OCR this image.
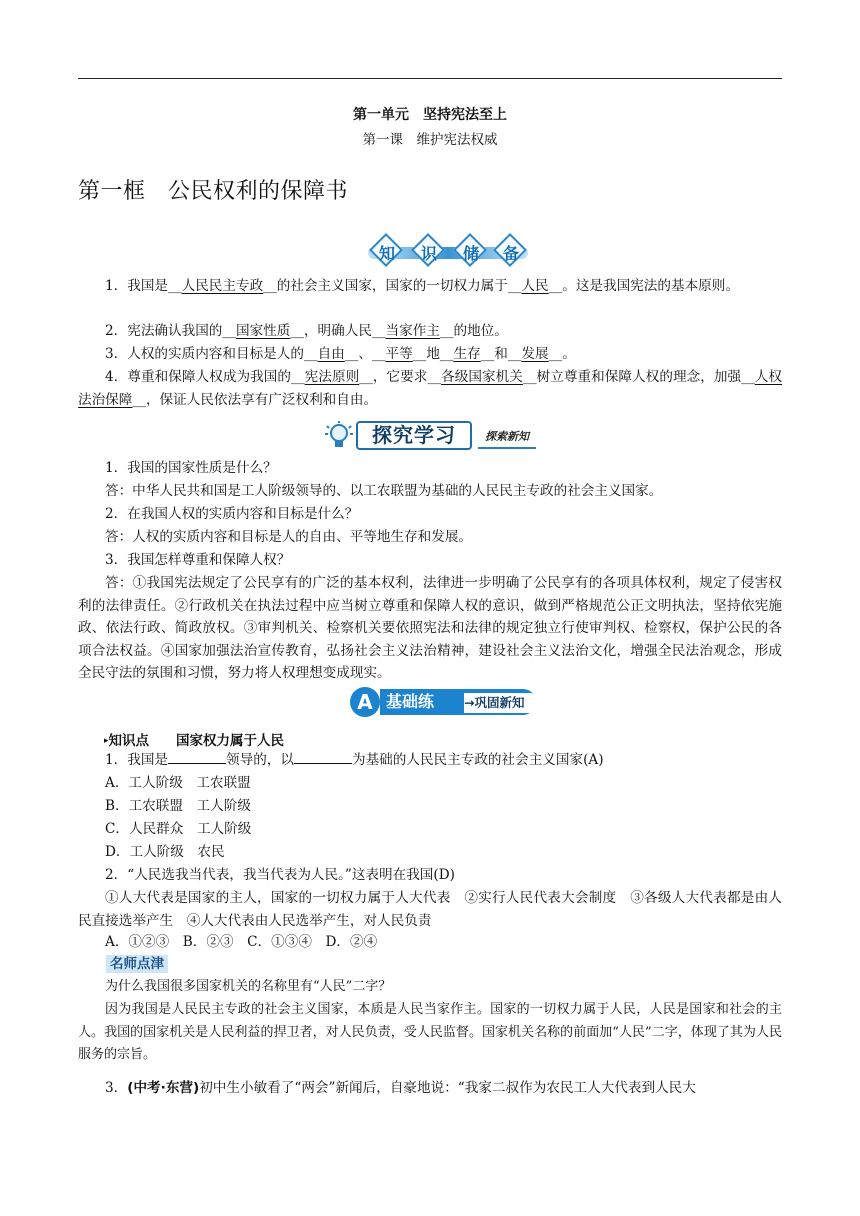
第一单元　坚持宪法至上
第一课　维护宪法权威
第一框　公民权利的保障书
知	识	储	备

1．我国是__人民民主专政__的社会主义国家，国家的一切权力属于__人民__。这是我国宪法的基本原则。

2．宪法确认我国的__国家性质__，明确人民__当家作主__的地位。

3．人权的实质内容和目标是人的__自由__、__平等__地__生存__和__发展__。

4．尊重和保障人权成为我国的__宪法原则__，它要求__各级国家机关__树立尊重和保障人权的理念，加强__人权法治保障__，保证人民依法享有广泛权利和自由。

探究学习	探索新知

1．我国的国家性质是什么？

答：中华人民共和国是工人阶级领导的、以工农联盟为基础的人民民主专政的社会主义国家。

2．在我国人权的实质内容和目标是什么？

答：人权的实质内容和目标是人的自由、平等地生存和发展。

3．我国怎样尊重和保障人权？

答：①我国宪法规定了公民享有的广泛的基本权利，法律进一步明确了公民享有的各项具体权利，规定了侵害权利的法律责任。②行政机关在执法过程中应当树立尊重和保障人权的意识，做到严格规范公正文明执法，坚持依宪施政、依法行政、简政放权。③审判机关、检察机关要依照宪法和法律的规定独立行使审判权、检察权，保护公民的各项合法权益。④国家加强法治宣传教育，弘扬社会主义法治精神，建设社会主义法治文化，增强全民法治观念，形成全民守法的氛围和习惯，努力将人权理想变成现实。

A 基础练 →巩固新知
▸知识点　　 国家权力属于人民

1．我国是	领导的，以	为基础的人民民主专政的社会主义国家(A)

A．工人阶级　工农联盟

B．工农联盟　工人阶级

C．人民群众　工人阶级

D．工人阶级　农民

2．“人民选我当代表，我当代表为人民。”这表明在我国(D)

①人大代表是国家的主人，国家的一切权力属于人大代表　②实行人民代表大会制度　③各级人大代表都是由人民直接选举产生　④人大代表由人民选举产生，对人民负责

A．①②③　B．②③　C．①③④　D．②④

名师点津

为什么我国很多国家机关的名称里有“人民”二字？

因为我国是人民民主专政的社会主义国家，本质是人民当家作主。国家的一切权力属于人民，人民是国家和社会的主人。我国的国家机关是人民利益的捍卫者，对人民负责，受人民监督。国家机关名称的前面加“人民”二字，体现了其为人民服务的宗旨。

3．(中考·东营)初中生小敏看了“两会”新闻后，自豪地说：“我家二叔作为农民工人大代表到人民大
